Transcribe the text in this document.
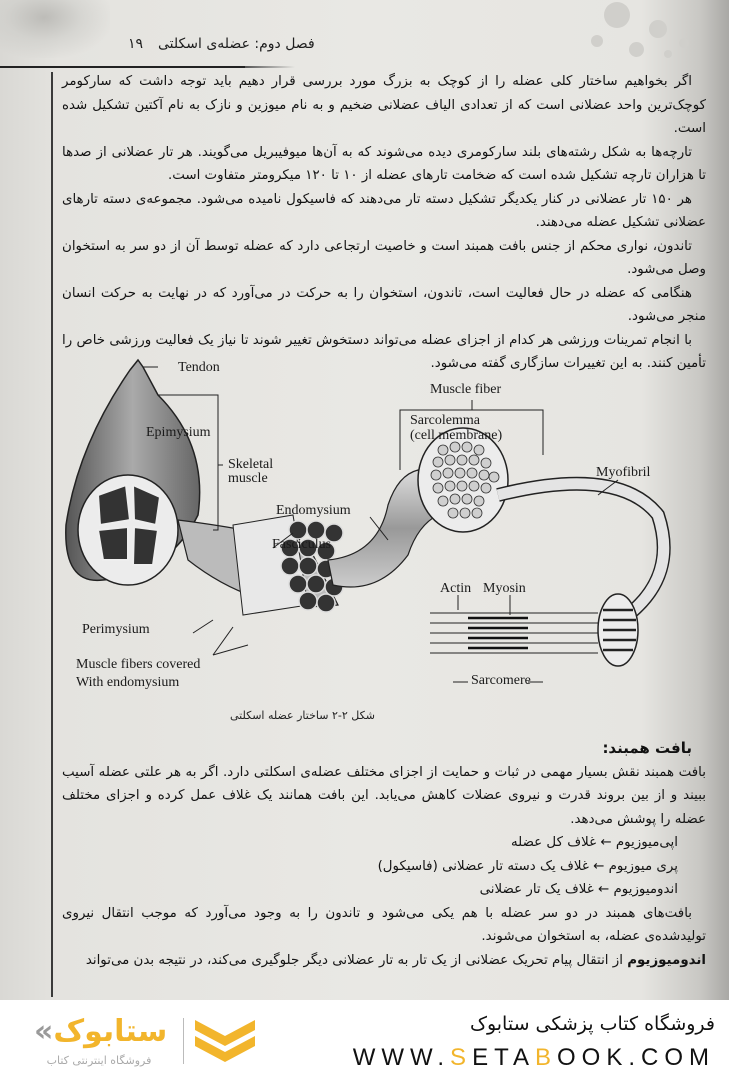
فصل دوم: عضله‌ی اسکلتی
۱۹

اگر بخواهیم ساختار کلی عضله را از کوچک به بزرگ مورد بررسی قرار دهیم باید توجه داشت که سارکومر کوچک‌ترین واحد عضلانی است که از تعدادی الیاف عضلانی ضخیم و به نام میوزین و نازک به نام آکتین تشکیل شده است.

تارچه‌ها به شکل رشته‌های بلند سارکومری دیده می‌شوند که به آن‌ها میوفیبریل می‌گویند. هر تار عضلانی از صدها تا هزاران تارچه تشکیل شده است که ضخامت تارهای عضله از ۱۰ تا ۱۲۰ میکرومتر متفاوت است.

هر ۱۵۰ تار عضلانی در کنار یکدیگر تشکیل دسته تار می‌دهند که فاسیکول نامیده می‌شود. مجموعه‌ی دسته تارهای عضلانی تشکیل عضله می‌دهند.

تاندون، نواری محکم از جنس بافت همبند است و خاصیت ارتجاعی دارد که عضله توسط آن از دو سر به استخوان وصل می‌شود.

هنگامی که عضله در حال فعالیت است، تاندون، استخوان را به حرکت در می‌آورد که در نهایت به حرکت انسان منجر می‌شود.

با انجام تمرینات ورزشی هر کدام از اجزای عضله می‌تواند دستخوش تغییر شوند تا نیاز یک فعالیت ورزشی خاص را تأمین کنند. به این تغییرات سازگاری گفته می‌شود.

Tendon
Epimysium
Skeletal
muscle
Muscle fiber
Sarcolemma
(cell membrane)
Myofibril
Endomysium
Fasciculus
Actin Myosin
Perimysium
Muscle fibers covered
With endomysium	Sarcomere
شکل ۲-۲ ساختار عضله اسکلتی

بافت همبند:

بافت همبند نقش بسیار مهمی در ثبات و حمایت از اجزای مختلف عضله‌ی اسکلتی دارد. اگر به هر علتی عضله آسیب ببیند و از بین بروند قدرت و نیروی عضلات کاهش می‌یابد. این بافت همانند یک غلاف عمل کرده و اجزای مختلف عضله را پوشش می‌دهد.

اپی‌میوزیوم ← غلاف کل عضله

پری میوزیوم ← غلاف یک دسته تار عضلانی (فاسیکول)

اندومیوزیوم ← غلاف یک تار عضلانی

بافت‌های همبند در دو سر عضله با هم یکی می‌شود و تاندون را به وجود می‌آورد که موجب انتقال نیروی تولیدشده‌ی عضله، به استخوان می‌شوند.

اندومیوزیوم از انتقال پیام تحریک عضلانی از یک تار به تار عضلانی دیگر جلوگیری می‌کند، در نتیجه بدن می‌تواند

«ستابوک
فروشگاه اینترنتی کتاب
فروشگاه کتاب پزشکی ستابوک
WWW.SETABOOK.COM
